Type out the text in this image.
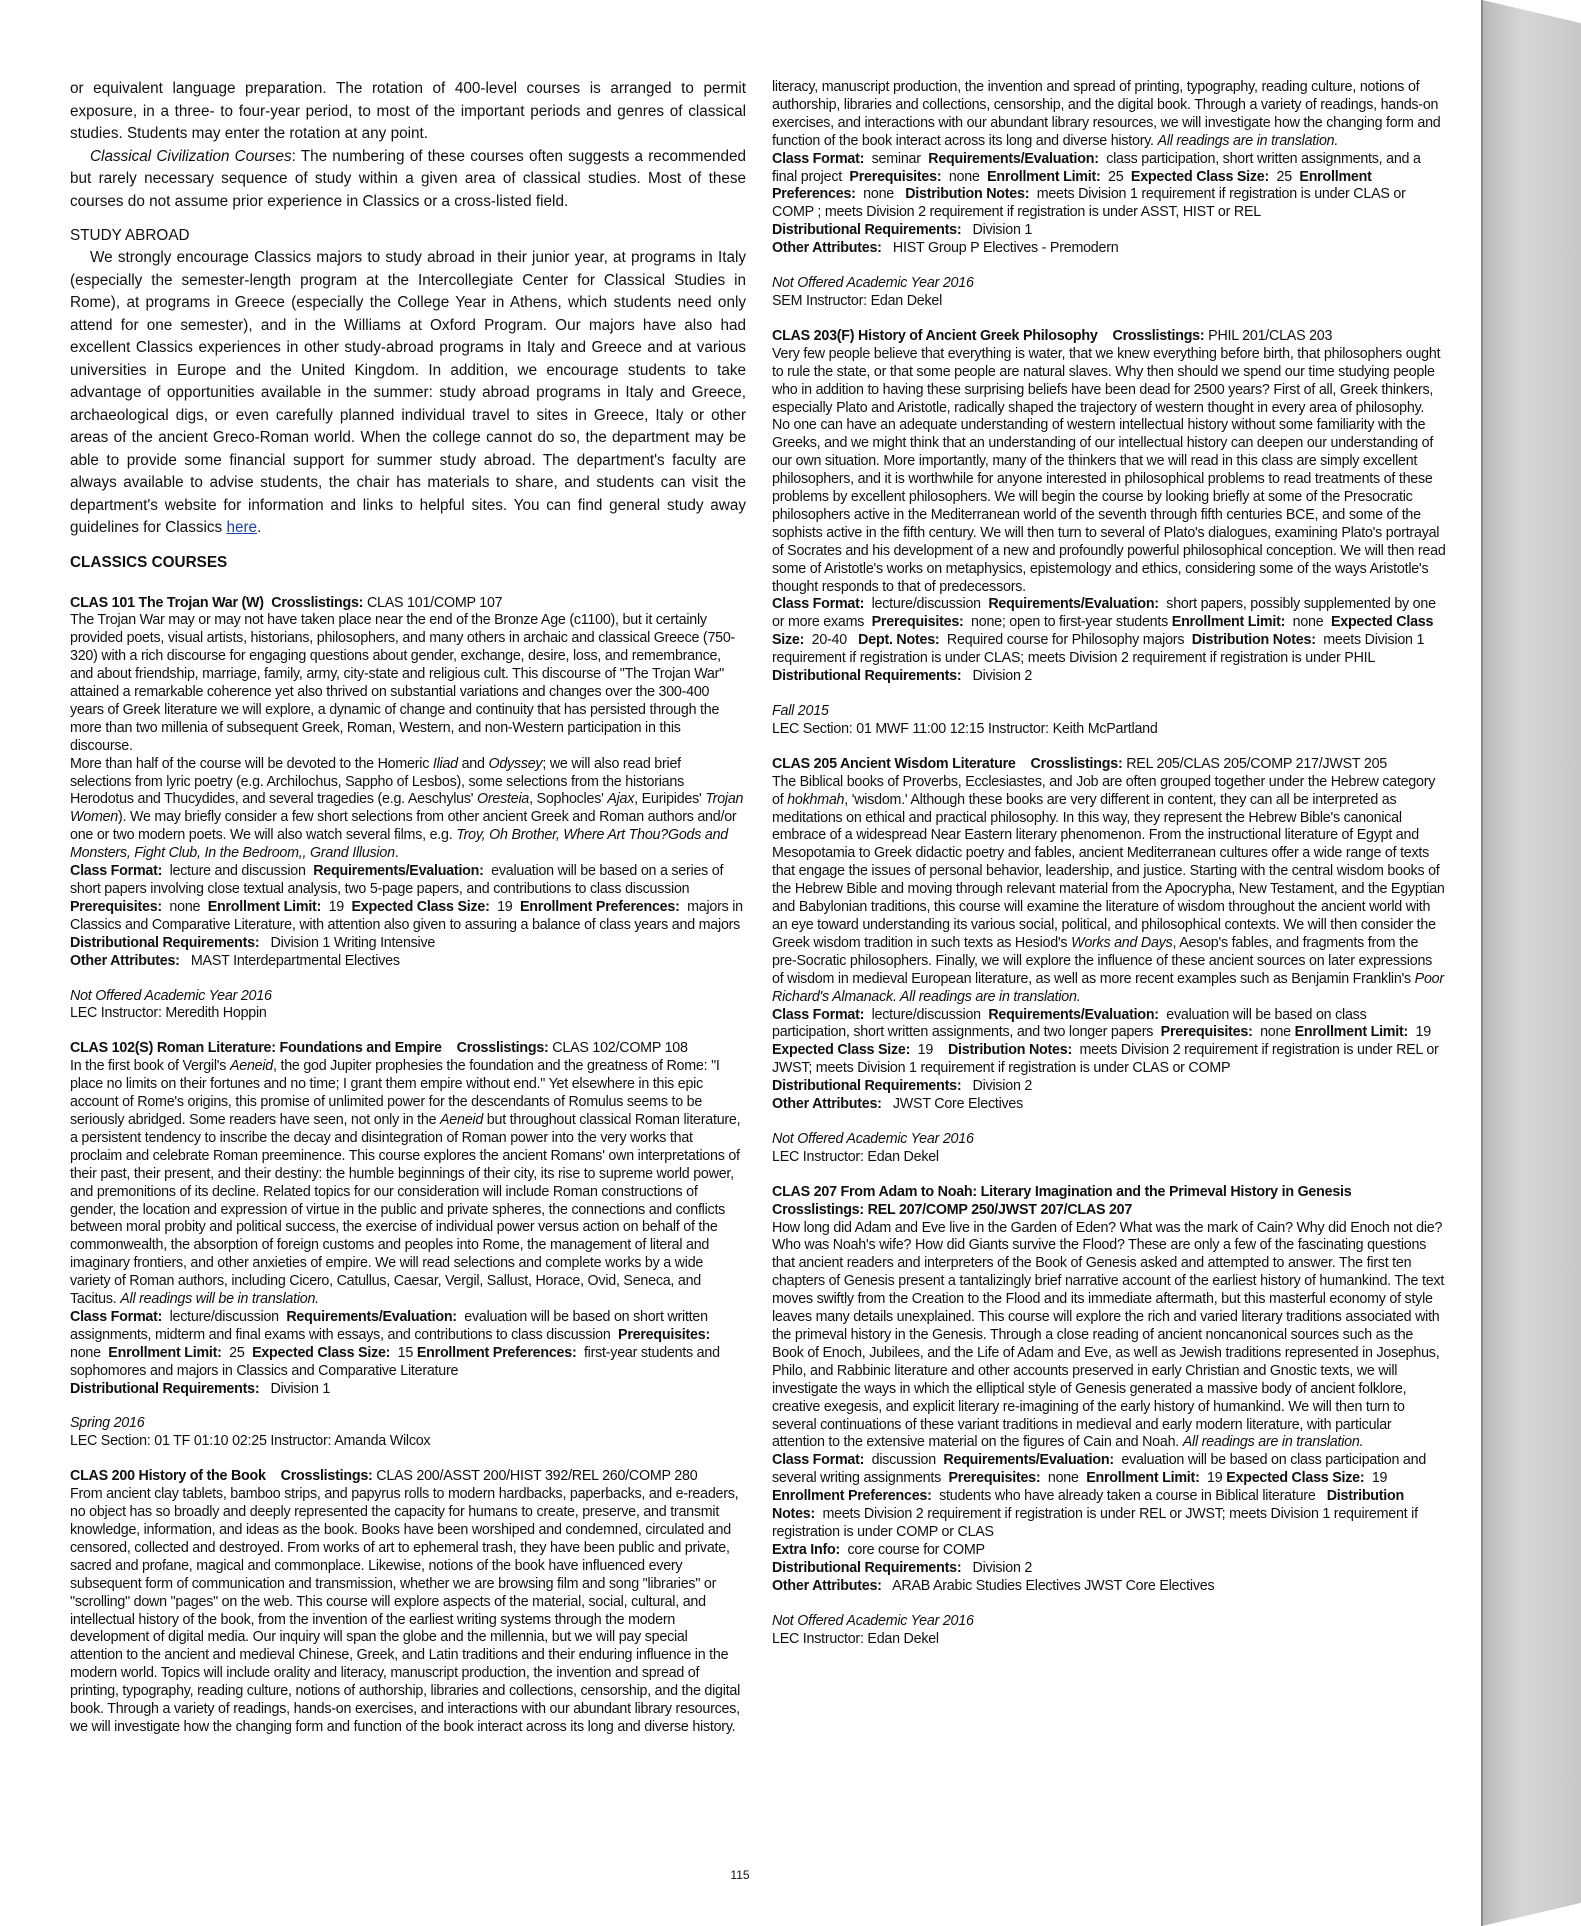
or equivalent language preparation. The rotation of 400-level courses is arranged to permit exposure, in a three- to four-year period, to most of the important periods and genres of classical studies. Students may enter the rotation at any point.

Classical Civilization Courses: The numbering of these courses often suggests a recommended but rarely necessary sequence of study within a given area of classical studies. Most of these courses do not assume prior experience in Classics or a cross-listed field.

STUDY ABROAD

We strongly encourage Classics majors to study abroad in their junior year, at programs in Italy (especially the semester-length program at the Intercollegiate Center for Classical Studies in Rome), at programs in Greece (especially the College Year in Athens, which students need only attend for one semester), and in the Williams at Oxford Program. Our majors have also had excellent Classics experiences in other study-abroad programs in Italy and Greece and at various universities in Europe and the United Kingdom. In addition, we encourage students to take advantage of opportunities available in the summer: study abroad programs in Italy and Greece, archaeological digs, or even carefully planned individual travel to sites in Greece, Italy or other areas of the ancient Greco-Roman world. When the college cannot do so, the department may be able to provide some financial support for summer study abroad. The department's faculty are always available to advise students, the chair has materials to share, and students can visit the department's website for information and links to helpful sites. You can find general study away guidelines for Classics here.

CLASSICS COURSES

CLAS 101 The Trojan War (W) Crosslistings: CLAS 101/COMP 107
The Trojan War may or may not have taken place near the end of the Bronze Age (c1100), but it certainly provided poets, visual artists, historians, philosophers, and many others in archaic and classical Greece (750-320) with a rich discourse for engaging questions about gender, exchange, desire, loss, and remembrance, and about friendship, marriage, family, army, city-state and religious cult. This discourse of "The Trojan War" attained a remarkable coherence yet also thrived on substantial variations and changes over the 300-400 years of Greek literature we will explore, a dynamic of change and continuity that has persisted through the more than two millenia of subsequent Greek, Roman, Western, and non-Western participation in this discourse.
More than half of the course will be devoted to the Homeric Iliad and Odyssey; we will also read brief selections from lyric poetry (e.g. Archilochus, Sappho of Lesbos), some selections from the historians Herodotus and Thucydides, and several tragedies (e.g. Aeschylus' Oresteia, Sophocles' Ajax, Euripides' Trojan Women). We may briefly consider a few short selections from other ancient Greek and Roman authors and/or one or two modern poets. We will also watch several films, e.g. Troy, Oh Brother, Where Art Thou?Gods and Monsters, Fight Club, In the Bedroom,, Grand Illusion.
Class Format: lecture and discussion Requirements/Evaluation: evaluation will be based on a series of short papers involving close textual analysis, two 5-page papers, and contributions to class discussion  Prerequisites: none Enrollment Limit: 19 Expected Class Size: 19 Enrollment Preferences: majors in Classics and Comparative Literature, with attention also given to assuring a balance of class years and majors
Distributional Requirements: Division 1 Writing Intensive
Other Attributes: MAST Interdepartmental Electives
Not Offered Academic Year 2016
LEC Instructor: Meredith Hoppin
CLAS 102(S) Roman Literature: Foundations and Empire Crosslistings: CLAS 102/COMP 108
In the first book of Vergil's Aeneid, the god Jupiter prophesies the foundation and the greatness of Rome: "I place no limits on their fortunes and no time; I grant them empire without end." Yet elsewhere in this epic account of Rome's origins, this promise of unlimited power for the descendants of Romulus seems to be seriously abridged. Some readers have seen, not only in the Aeneid but throughout classical Roman literature, a persistent tendency to inscribe the decay and disintegration of Roman power into the very works that proclaim and celebrate Roman preeminence. This course explores the ancient Romans' own interpretations of their past, their present, and their destiny: the humble beginnings of their city, its rise to supreme world power, and premonitions of its decline. Related topics for our consideration will include Roman constructions of gender, the location and expression of virtue in the public and private spheres, the connections and conflicts between moral probity and political success, the exercise of individual power versus action on behalf of the commonwealth, the absorption of foreign customs and peoples into Rome, the management of literal and imaginary frontiers, and other anxieties of empire. We will read selections and complete works by a wide variety of Roman authors, including Cicero, Catullus, Caesar, Vergil, Sallust, Horace, Ovid, Seneca, and Tacitus. All readings will be in translation.
Class Format: lecture/discussion Requirements/Evaluation: evaluation will be based on short written assignments, midterm and final exams with essays, and contributions to class discussion Prerequisites:  none Enrollment Limit: 25 Expected Class Size: 15 Enrollment Preferences: first-year students and sophomores and majors in Classics and Comparative Literature
Distributional Requirements: Division 1
Spring 2016
LEC Section: 01 TF 01:10 02:25 Instructor: Amanda Wilcox
CLAS 200 History of the Book Crosslistings: CLAS 200/ASST 200/HIST 392/REL 260/COMP 280
From ancient clay tablets, bamboo strips, and papyrus rolls to modern hardbacks, paperbacks, and e-readers, no object has so broadly and deeply represented the capacity for humans to create, preserve, and transmit knowledge, information, and ideas as the book. Books have been worshiped and condemned, circulated and censored, collected and destroyed. From works of art to ephemeral trash, they have been public and private, sacred and profane, magical and commonplace. Likewise, notions of the book have influenced every subsequent form of communication and transmission, whether we are browsing film and song "libraries" or "scrolling" down "pages" on the web. This course will explore aspects of the material, social, cultural, and intellectual history of the book, from the invention of the earliest writing systems through the modern development of digital media. Our inquiry will span the globe and the millennia, but we will pay special attention to the ancient and medieval Chinese, Greek, and Latin traditions and their enduring influence in the modern world. Topics will include orality and literacy, manuscript production, the invention and spread of printing, typography, reading culture, notions of authorship, libraries and collections, censorship, and the digital book. Through a variety of readings, hands-on exercises, and interactions with our abundant library resources, we will investigate how the changing form and function of the book interact across its long and diverse history.
literacy, manuscript production, the invention and spread of printing, typography, reading culture, notions of authorship, libraries and collections, censorship, and the digital book. Through a variety of readings, hands-on exercises, and interactions with our abundant library resources, we will investigate how the changing form and function of the book interact across its long and diverse history. All readings are in translation.
Class Format: seminar Requirements/Evaluation: class participation, short written assignments, and a final project Prerequisites: none Enrollment Limit: 25 Expected Class Size: 25 Enrollment Preferences: none Distribution Notes: meets Division 1 requirement if registration is under CLAS or COMP ; meets Division 2 requirement if registration is under ASST, HIST or REL
Distributional Requirements: Division 1
Other Attributes: HIST Group P Electives - Premodern
Not Offered Academic Year 2016
SEM Instructor: Edan Dekel
CLAS 203(F) History of Ancient Greek Philosophy Crosslistings: PHIL 201/CLAS 203
Very few people believe that everything is water, that we knew everything before birth, that philosophers ought to rule the state, or that some people are natural slaves. Why then should we spend our time studying people who in addition to having these surprising beliefs have been dead for 2500 years? First of all, Greek thinkers, especially Plato and Aristotle, radically shaped the trajectory of western thought in every area of philosophy. No one can have an adequate understanding of western intellectual history without some familiarity with the Greeks, and we might think that an understanding of our intellectual history can deepen our understanding of our own situation. More importantly, many of the thinkers that we will read in this class are simply excellent philosophers, and it is worthwhile for anyone interested in philosophical problems to read treatments of these problems by excellent philosophers. We will begin the course by looking briefly at some of the Presocratic philosophers active in the Mediterranean world of the seventh through fifth centuries BCE, and some of the sophists active in the fifth century. We will then turn to several of Plato's dialogues, examining Plato's portrayal of Socrates and his development of a new and profoundly powerful philosophical conception. We will then read some of Aristotle's works on metaphysics, epistemology and ethics, considering some of the ways Aristotle's thought responds to that of predecessors.
Class Format: lecture/discussion Requirements/Evaluation: short papers, possibly supplemented by one or more exams Prerequisites: none; open to first-year students Enrollment Limit: none Expected Class Size: 20-40 Dept. Notes: Required course for Philosophy majors Distribution Notes: meets Division 1 requirement if registration is under CLAS; meets Division 2 requirement if registration is under PHIL
Distributional Requirements: Division 2
Fall 2015
LEC Section: 01 MWF 11:00 12:15 Instructor: Keith McPartland
CLAS 205 Ancient Wisdom Literature Crosslistings: REL 205/CLAS 205/COMP 217/JWST 205
The Biblical books of Proverbs, Ecclesiastes, and Job are often grouped together under the Hebrew category of hokhmah, 'wisdom.' Although these books are very different in content, they can all be interpreted as meditations on ethical and practical philosophy. In this way, they represent the Hebrew Bible's canonical embrace of a widespread Near Eastern literary phenomenon. From the instructional literature of Egypt and Mesopotamia to Greek didactic poetry and fables, ancient Mediterranean cultures offer a wide range of texts that engage the issues of personal behavior, leadership, and justice. Starting with the central wisdom books of the Hebrew Bible and moving through relevant material from the Apocrypha, New Testament, and the Egyptian and Babylonian traditions, this course will examine the literature of wisdom throughout the ancient world with an eye toward understanding its various social, political, and philosophical contexts. We will then consider the Greek wisdom tradition in such texts as Hesiod's Works and Days, Aesop's fables, and fragments from the pre-Socratic philosophers. Finally, we will explore the influence of these ancient sources on later expressions of wisdom in medieval European literature, as well as more recent examples such as Benjamin Franklin's Poor Richard's Almanack. All readings are in translation.
Class Format: lecture/discussion Requirements/Evaluation: evaluation will be based on class participation, short written assignments, and two longer papers Prerequisites: none Enrollment Limit: 19  Expected Class Size: 19 Distribution Notes: meets Division 2 requirement if registration is under REL or JWST; meets Division 1 requirement if registration is under CLAS or COMP
Distributional Requirements: Division 2
Other Attributes: JWST Core Electives
Not Offered Academic Year 2016
LEC Instructor: Edan Dekel
CLAS 207 From Adam to Noah: Literary Imagination and the Primeval History in Genesis
Crosslistings: REL 207/COMP 250/JWST 207/CLAS 207
How long did Adam and Eve live in the Garden of Eden? What was the mark of Cain? Why did Enoch not die? Who was Noah's wife? How did Giants survive the Flood? These are only a few of the fascinating questions that ancient readers and interpreters of the Book of Genesis asked and attempted to answer. The first ten chapters of Genesis present a tantalizingly brief narrative account of the earliest history of humankind. The text moves swiftly from the Creation to the Flood and its immediate aftermath, but this masterful economy of style leaves many details unexplained. This course will explore the rich and varied literary traditions associated with the primeval history in the Genesis. Through a close reading of ancient noncanonical sources such as the Book of Enoch, Jubilees, and the Life of Adam and Eve, as well as Jewish traditions represented in Josephus, Philo, and Rabbinic literature and other accounts preserved in early Christian and Gnostic texts, we will investigate the ways in which the elliptical style of Genesis generated a massive body of ancient folklore, creative exegesis, and explicit literary re-imagining of the early history of humankind. We will then turn to several continuations of these variant traditions in medieval and early modern literature, with particular attention to the extensive material on the figures of Cain and Noah. All readings are in translation.
Class Format: discussion Requirements/Evaluation: evaluation will be based on class participation and several writing assignments Prerequisites: none Enrollment Limit: 19 Expected Class Size: 19  Enrollment Preferences: students who have already taken a course in Biblical literature Distribution Notes: meets Division 2 requirement if registration is under REL or JWST; meets Division 1 requirement if registration is under COMP or CLAS
Extra Info: core course for COMP
Distributional Requirements: Division 2
Other Attributes: ARAB Arabic Studies Electives JWST Core Electives
Not Offered Academic Year 2016
LEC Instructor: Edan Dekel
115
